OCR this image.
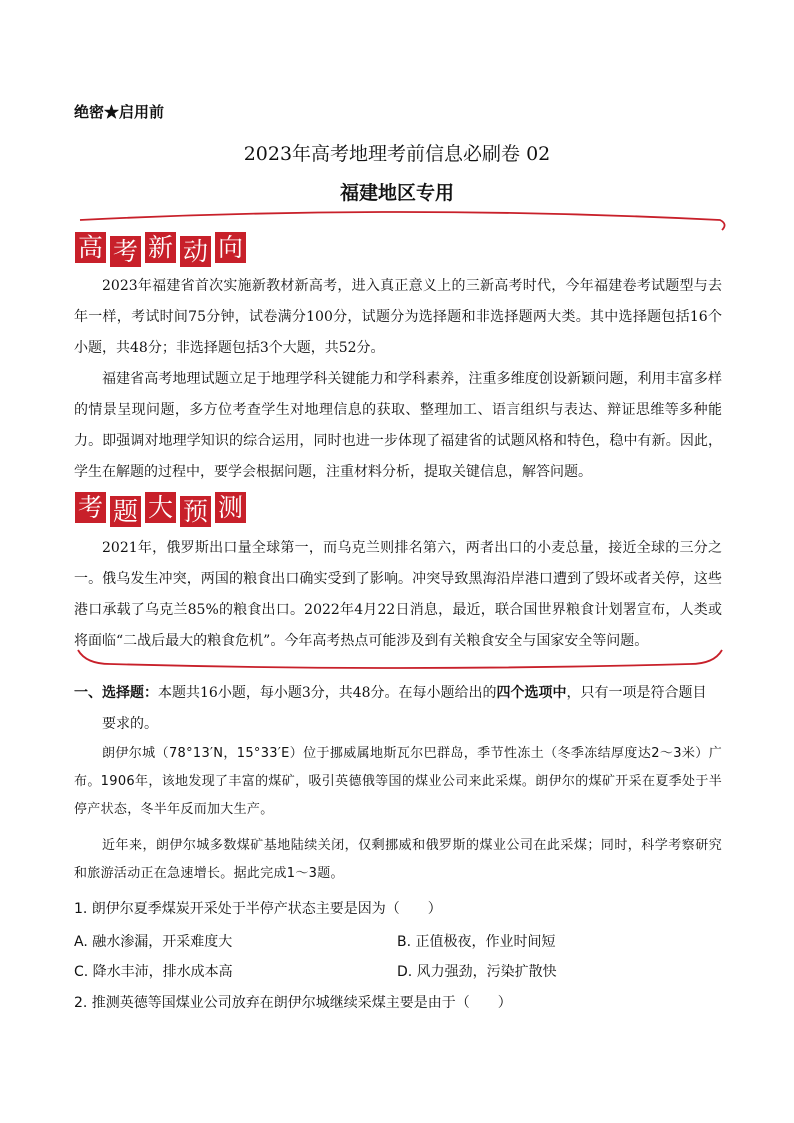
绝密★启用前
2023年高考地理考前信息必刷卷 02
福建地区专用
高 考 新 动 向
2023年福建省首次实施新教材新高考，进入真正意义上的三新高考时代，今年福建卷考试题型与去年一样，考试时间75分钟，试卷满分100分，试题分为选择题和非选择题两大类。其中选择题包括16个小题，共48分；非选择题包括3个大题，共52分。
福建省高考地理试题立足于地理学科关键能力和学科素养，注重多维度创设新颖问题，利用丰富多样的情景呈现问题，多方位考查学生对地理信息的获取、整理加工、语言组织与表达、辩证思维等多种能力。即强调对地理学知识的综合运用，同时也进一步体现了福建省的试题风格和特色，稳中有新。因此，学生在解题的过程中，要学会根据问题，注重材料分析，提取关键信息，解答问题。
考 题 大 预 测
2021年，俄罗斯出口量全球第一，而乌克兰则排名第六，两者出口的小麦总量，接近全球的三分之一。俄乌发生冲突，两国的粮食出口确实受到了影响。冲突导致黑海沿岸港口遭到了毁坏或者关停，这些港口承载了乌克兰85%的粮食出口。2022年4月22日消息，最近，联合国世界粮食计划署宣布，人类或将面临“二战后最大的粮食危机”。今年高考热点可能涉及到有关粮食安全与国家安全等问题。
一、选择题：本题共16小题，每小题3分，共48分。在每小题给出的四个选项中，只有一项是符合题目
要求的。
朗伊尔城（78°13′N，15°33′E）位于挪威属地斯瓦尔巴群岛，季节性冻土（冬季冻结厚度达2～3米）广布。1906年，该地发现了丰富的煤矿，吸引英德俄等国的煤业公司来此采煤。朗伊尔的煤矿开采在夏季处于半停产状态，冬半年反而加大生产。
近年来，朗伊尔城多数煤矿基地陆续关闭，仅剩挪威和俄罗斯的煤业公司在此采煤；同时，科学考察研究和旅游活动正在急速增长。据此完成1～3题。
1. 朗伊尔夏季煤炭开采处于半停产状态主要是因为（　　）
A. 融水渗漏，开采难度大	B. 正值极夜，作业时间短
C. 降水丰沛，排水成本高	D. 风力强劲，污染扩散快
2. 推测英德等国煤业公司放弃在朗伊尔城继续采煤主要是由于（　　）
